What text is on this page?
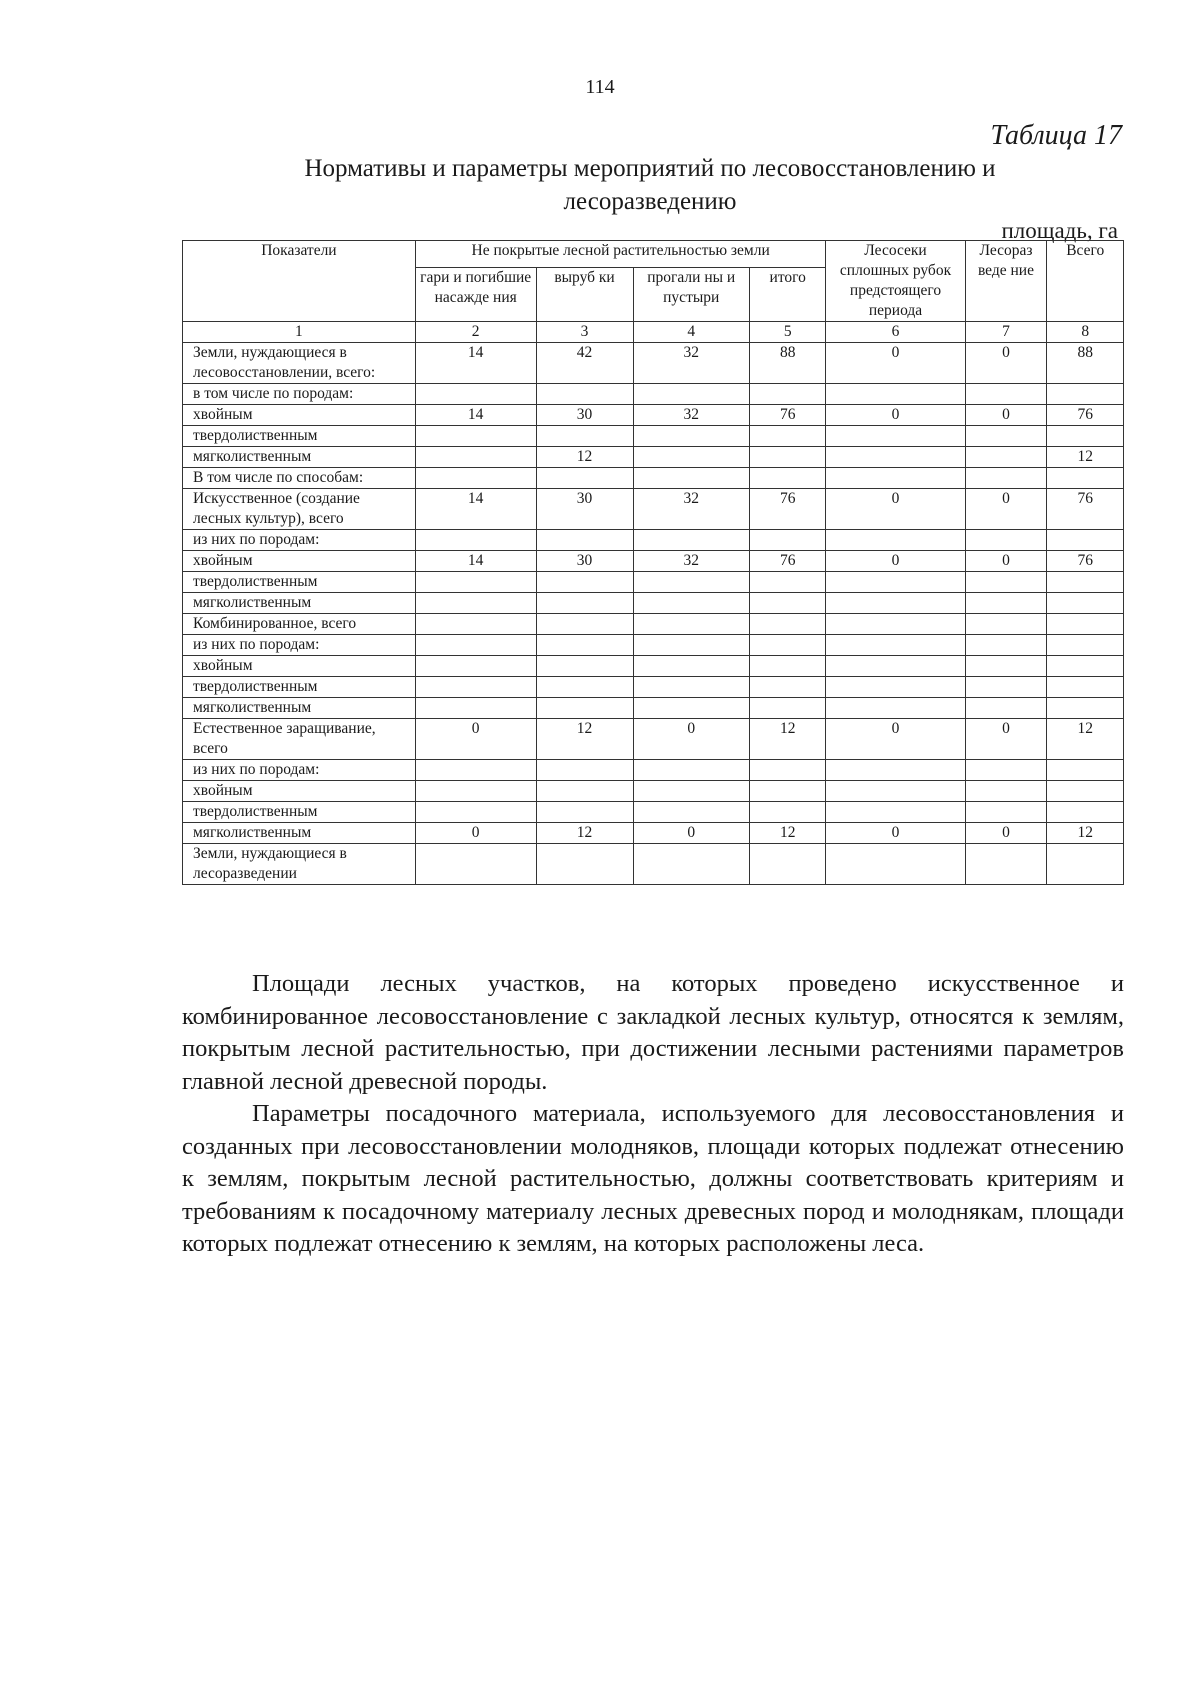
114
Таблица 17
Нормативы и параметры мероприятий по лесовосстановлению и лесоразведению
площадь, га
Показатели	Не покрытые лесной растительностью земли				Лесосеки сплошных рубок предстоящего периода	Лесораз веде ние	Всего
	гари и погибшие насажде ния	выруб ки	прогали ны и пустыри	итого			
1	2	3	4	5	6	7	8
Земли, нуждающиеся в лесовосстановлении, всего:	14	42	32	88	0	0	88
в том числе по породам:							
хвойным	14	30	32	76	0	0	76
твердолиственным							
мягколиственным		12					12
В том числе по способам:							
Искусственное (создание лесных культур), всего	14	30	32	76	0	0	76
из них по породам:							
хвойным	14	30	32	76	0	0	76
твердолиственным							
мягколиственным							
Комбинированное, всего							
из них по породам:							
хвойным							
твердолиственным							
мягколиственным							
Естественное заращивание, всего	0	12	0	12	0	0	12
из них по породам:							
хвойным							
твердолиственным							
мягколиственным	0	12	0	12	0	0	12
Земли, нуждающиеся в лесоразведении							

Площади лесных участков, на которых проведено искусственное и комбинированное лесовосстановление с закладкой лесных культур, относятся к землям, покрытым лесной растительностью, при достижении лесными растениями параметров главной лесной древесной породы.

Параметры посадочного материала, используемого для лесовосстановления и созданных при лесовосстановлении молодняков, площади которых подлежат отнесению к землям, покрытым лесной растительностью, должны соответствовать критериям и требованиям к посадочному материалу лесных древесных пород и молоднякам, площади которых подлежат отнесению к землям, на которых расположены леса.
